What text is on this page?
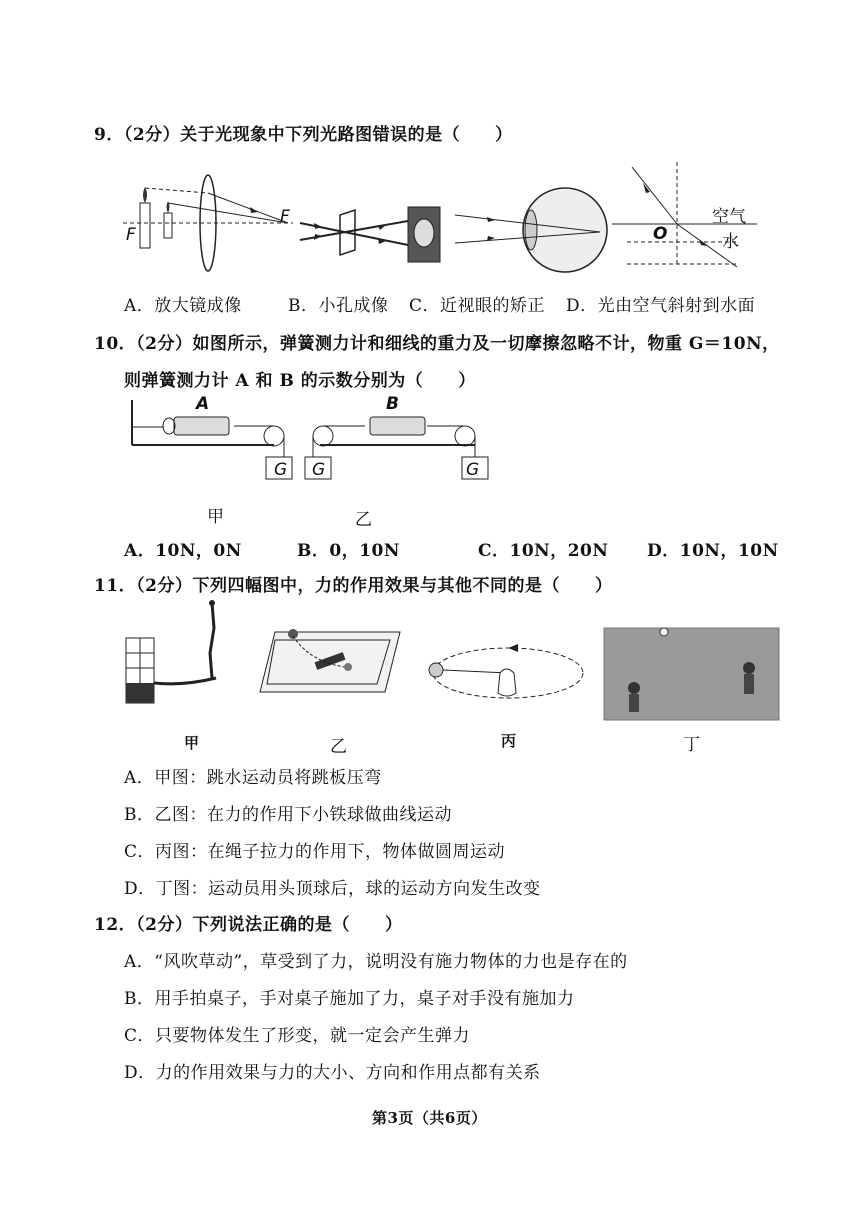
9．（2分）关于光现象中下列光路图错误的是（　　）
F
F
O
空气
水
A．放大镜成像	B．小孔成像 C．近视眼的矫正 D．光由空气斜射到水面
10．（2分）如图所示，弹簧测力计和细线的重力及一切摩擦忽略不计，物重 G＝10N，
则弹簧测力计 A 和 B 的示数分别为（　　）
A
G
B
G	G
甲	乙
A．10N，0N	B．0，10N	C．10N，20N D．10N，10N
11．（2分）下列四幅图中，力的作用效果与其他不同的是（　　）
甲	乙	丙	丁
A．甲图：跳水运动员将跳板压弯
B．乙图：在力的作用下小铁球做曲线运动
C．丙图：在绳子拉力的作用下，物体做圆周运动
D．丁图：运动员用头顶球后，球的运动方向发生改变
12．（2分）下列说法正确的是（　　）
A．“风吹草动”，草受到了力，说明没有施力物体的力也是存在的
B．用手拍桌子，手对桌子施加了力，桌子对手没有施加力
C．只要物体发生了形变，就一定会产生弹力
D．力的作用效果与力的大小、方向和作用点都有关系
第3页（共6页）
